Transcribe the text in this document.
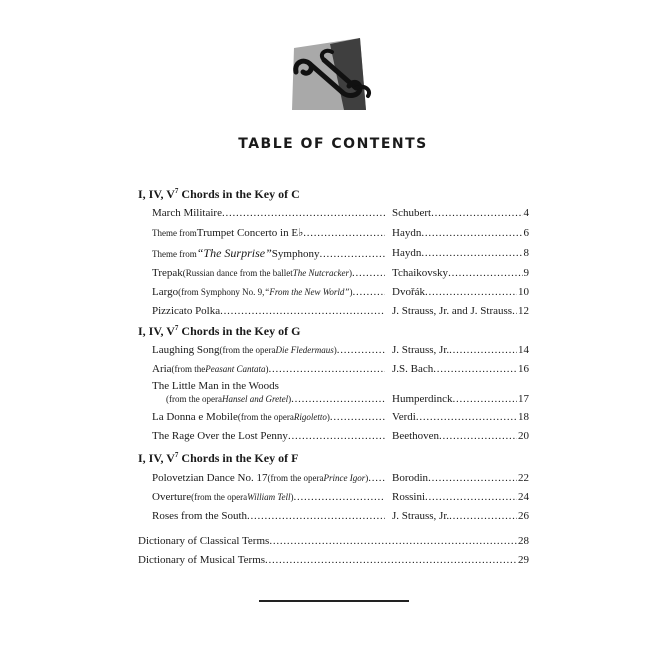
TABLE OF CONTENTS
I, IV, $V^7$ Chords in the Key of C
March Militaire . . .	Schubert . . .	4
Theme from Trumpet Concerto in E♭ . . .	Haydn . . .	6
Theme from “The Surprise” Symphony . . .	Haydn . . .	8
Trepak (Russian dance from the ballet The Nutcracker ) . . .	Tchaikovsky . . .	9
Largo (from Symphony No. 9, “From the New World” ) . . .	Dvořák . . .	10
Pizzicato Polka . . .	J. Strauss, Jr. and J. Strauss . . . 12
I, IV, $V^7$ Chords in the Key of G
Laughing Song (from the opera Die Fledermaus ) . . .	J. Strauss, Jr. . . .	14
Aria (from the Peasant Cantata ) . . .	J.S. Bach . . .	16
The Little Man in the Woods
(from the opera Hansel and Gretel ) . . .	Humperdinck . . .	17
La Donna e Mobile (from the opera Rigoletto ) . . .	Verdi . . .	18
The Rage Over the Lost Penny . . .	Beethoven . . .	20
I, IV, $V^7$ Chords in the Key of F
Polovetzian Dance No. 17 (from the opera Prince Igor ) . . . Borodin . . .	22
Overture (from the opera William Tell ) . . .	Rossini . . .	24
Roses from the South . . .	J. Strauss, Jr. . . .	26
Dictionary of Classical Terms . . .	28
Dictionary of Musical Terms . . .	29
